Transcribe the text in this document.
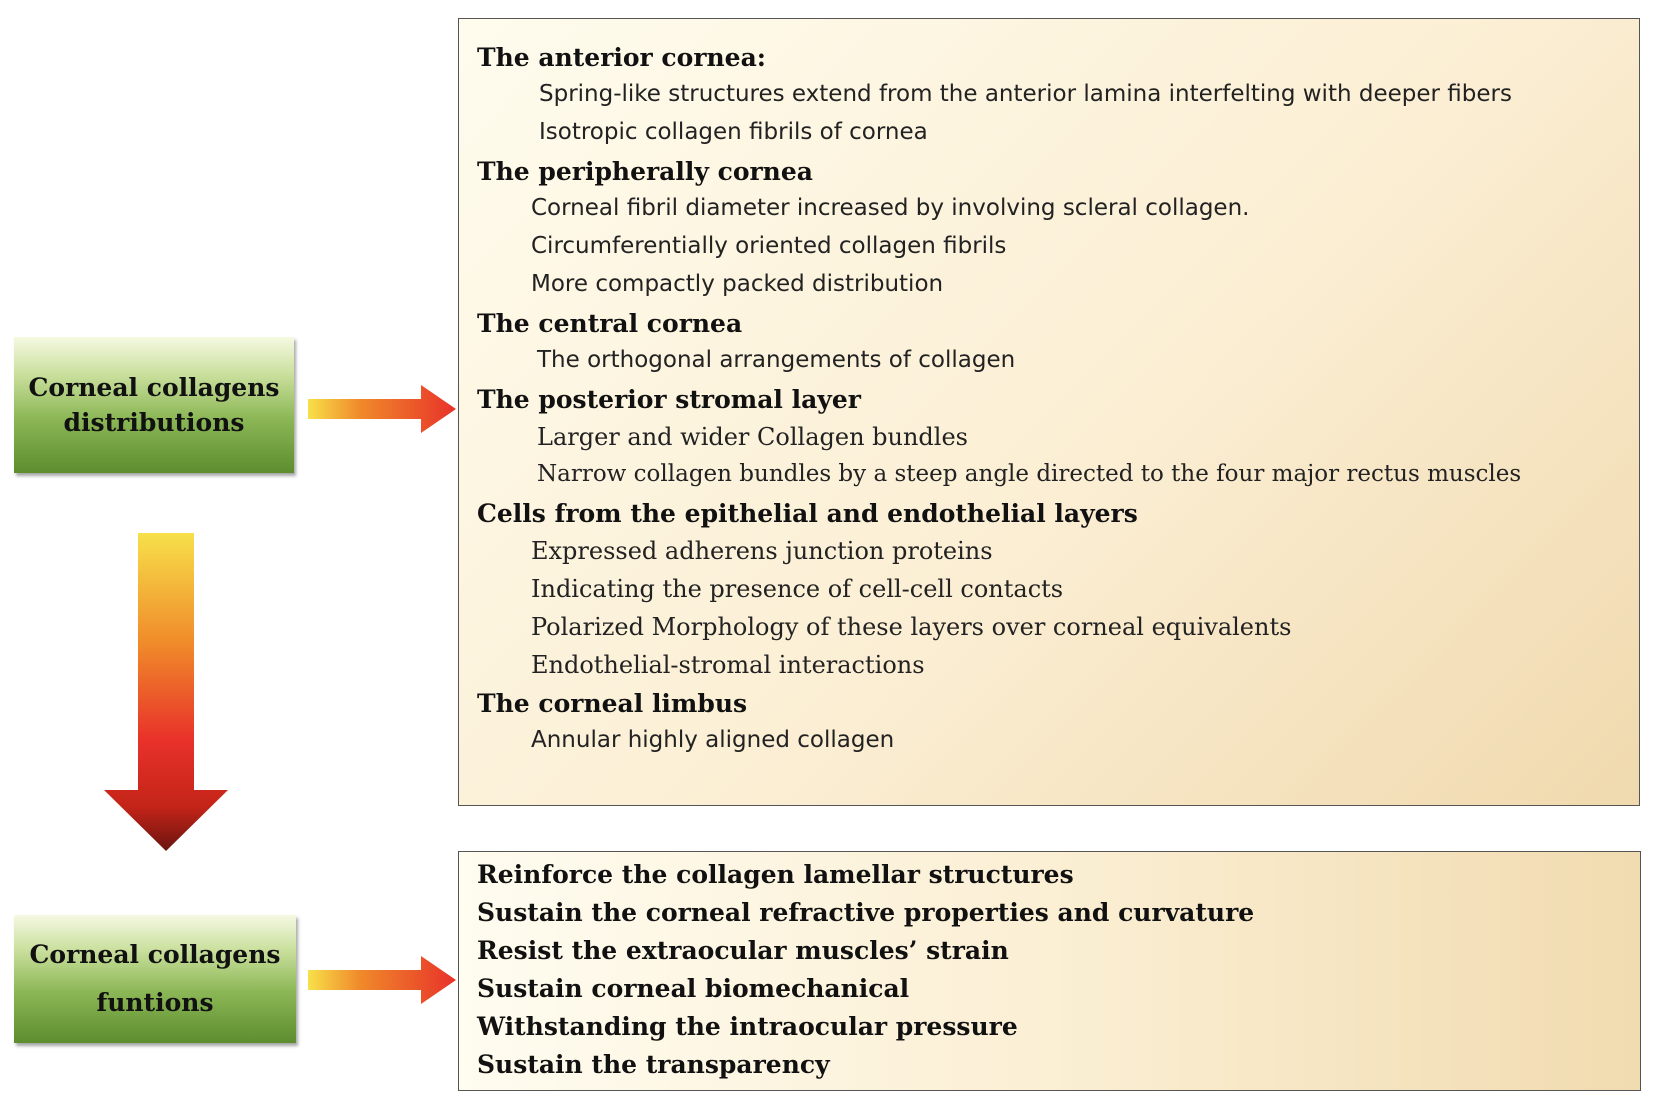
Corneal collagens
distributions
Corneal collagens
funtions

The anterior cornea:

Spring-like structures extend from the anterior lamina interfelting with deeper fibers

Isotropic collagen fibrils of cornea

The peripherally cornea

Corneal fibril diameter increased by involving scleral collagen.

Circumferentially oriented collagen fibrils

More compactly packed distribution

The central cornea

The orthogonal arrangements of collagen

The posterior stromal layer

Larger and wider Collagen bundles

Narrow collagen bundles by a steep angle directed to the four major rectus muscles

Cells from the epithelial and endothelial layers

Expressed adherens junction proteins

Indicating the presence of cell-cell contacts

Polarized Morphology of these layers over corneal equivalents

Endothelial-stromal interactions

The corneal limbus

Annular highly aligned collagen

Reinforce the collagen lamellar structures

Sustain the corneal refractive properties and curvature

Resist the extraocular muscles’ strain

Sustain corneal biomechanical

Withstanding the intraocular pressure

Sustain the transparency
